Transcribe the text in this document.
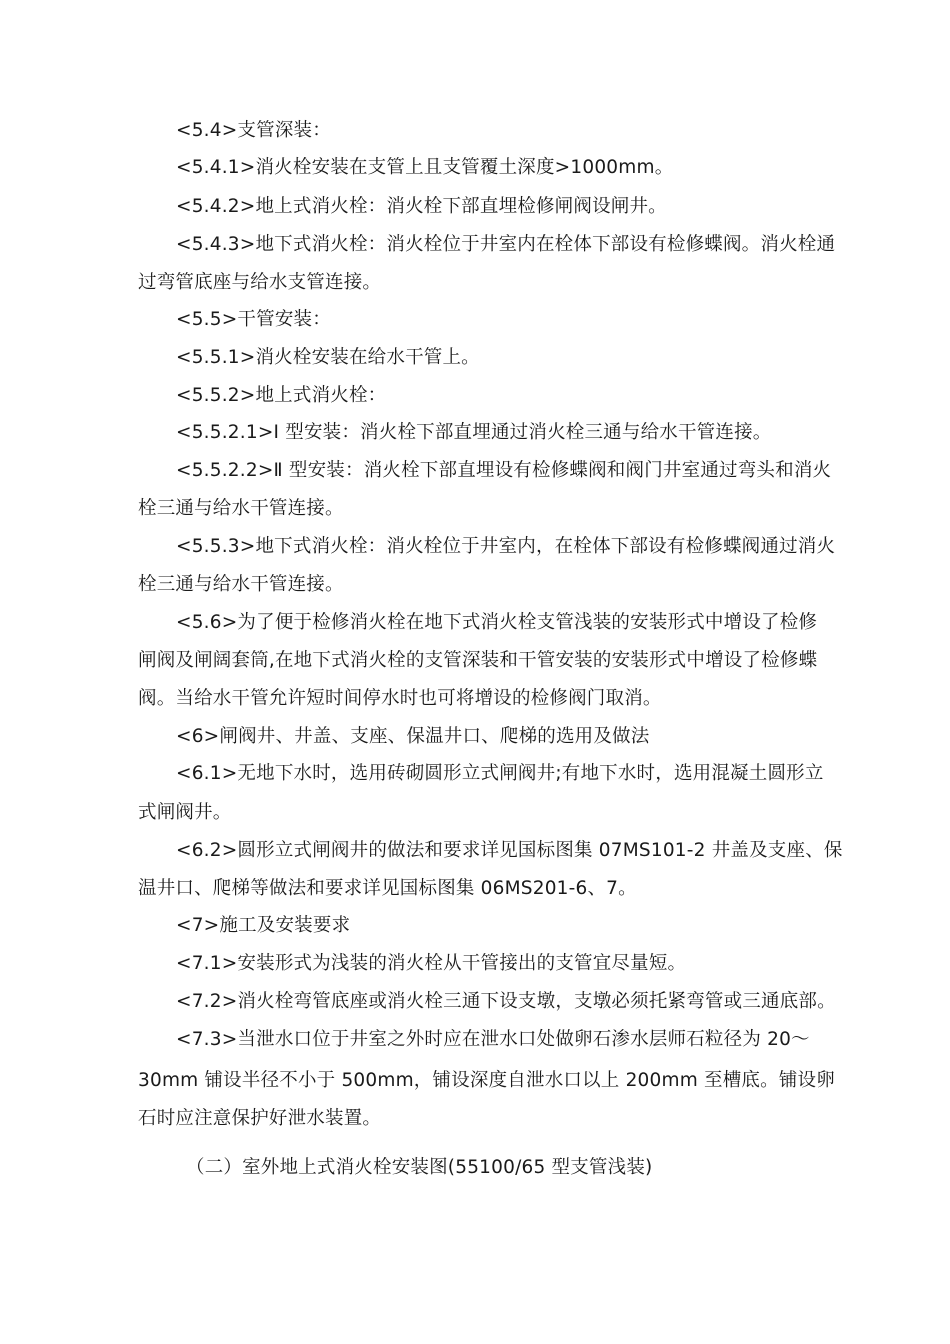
<5.4>支管深装：
<5.4.1>消火栓安装在支管上且支管覆土深度>1000mm。
<5.4.2>地上式消火栓：消火栓下部直埋检修闸阀设闸井。
<5.4.3>地下式消火栓：消火栓位于井室内在栓体下部设有检修蝶阀。消火栓通
过弯管底座与给水支管连接。
<5.5>干管安装：
<5.5.1>消火栓安装在给水干管上。
<5.5.2>地上式消火栓：
<5.5.2.1>I 型安装：消火栓下部直埋通过消火栓三通与给水干管连接。
<5.5.2.2>Ⅱ 型安装：消火栓下部直埋设有检修蝶阀和阀门井室通过弯头和消火
栓三通与给水干管连接。
<5.5.3>地下式消火栓：消火栓位于井室内，在栓体下部设有检修蝶阀通过消火
栓三通与给水干管连接。
<5.6>为了便于检修消火栓在地下式消火栓支管浅装的安装形式中增设了检修
闸阀及闸阔套筒,在地下式消火栓的支管深装和干管安装的安装形式中增设了检修蝶
阀。当给水干管允许短时间停水时也可将增设的检修阀门取消。
<6>闸阀井、井盖、支座、保温井口、爬梯的选用及做法
<6.1>无地下水时，选用砖砌圆形立式闸阀井;有地下水时，选用混凝土圆形立
式闸阀井。
<6.2>圆形立式闸阀井的做法和要求详见国标图集 07MS101-2 井盖及支座、保
温井口、爬梯等做法和要求详见国标图集 06MS201-6、7。
<7>施工及安装要求
<7.1>安装形式为浅装的消火栓从干管接出的支管宜尽量短。
<7.2>消火栓弯管底座或消火栓三通下设支墩，支墩必须托紧弯管或三通底部。
<7.3>当泄水口位于井室之外时应在泄水口处做卵石渗水层师石粒径为 20～
30mm 铺设半径不小于 500mm，铺设深度自泄水口以上 200mm 至槽底。铺设卵
石时应注意保护好泄水装置。
（二）室外地上式消火栓安装图(55100/65 型支管浅装)
